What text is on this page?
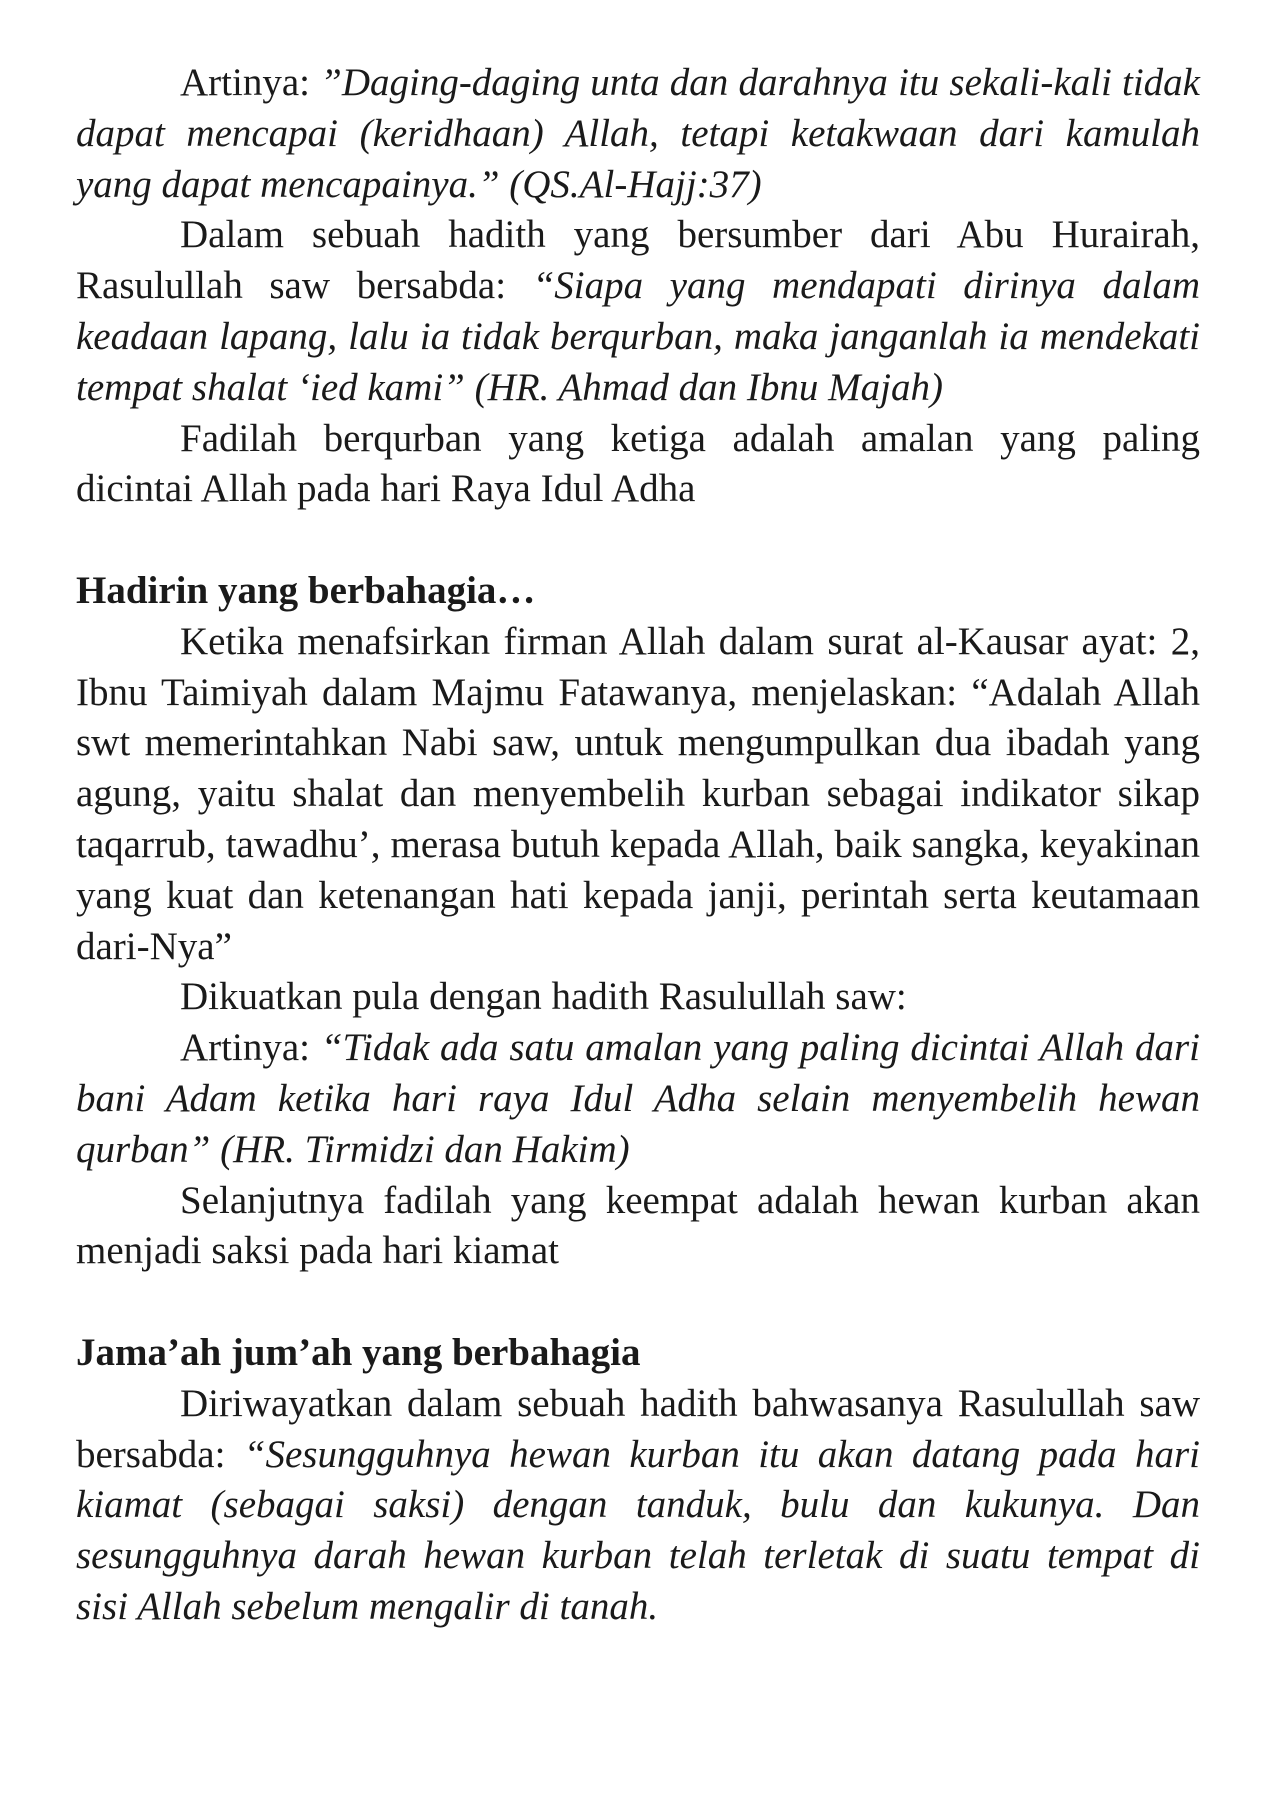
Artinya: ”Daging-daging unta dan darahnya itu sekali-kali tidak dapat mencapai (keridhaan) Allah, tetapi ketakwaan dari kamulah yang dapat mencapainya.” (QS.Al-Hajj:37)

Dalam sebuah hadith yang bersumber dari Abu Hurairah, Rasulullah saw bersabda: “Siapa yang mendapati dirinya dalam keadaan lapang, lalu ia tidak berqurban, maka janganlah ia mendekati tempat shalat ‘ied kami” (HR. Ahmad dan Ibnu Majah)

Fadilah berqurban yang ketiga adalah amalan yang paling dicintai Allah pada hari Raya Idul Adha

Hadirin yang berbahagia…

Ketika menafsirkan firman Allah dalam surat al-Kausar ayat: 2, Ibnu Taimiyah dalam Majmu Fatawanya, menjelaskan: “Adalah Allah swt memerintahkan Nabi saw, untuk mengumpulkan dua ibadah yang agung, yaitu shalat dan menyembelih kurban sebagai indikator sikap taqarrub, tawadhu’, merasa butuh kepada Allah, baik sangka, keyakinan yang kuat dan ketenangan hati kepada janji, perintah serta keutamaan dari-Nya”

Dikuatkan pula dengan hadith Rasulullah saw:

Artinya: “Tidak ada satu amalan yang paling dicintai Allah dari bani Adam ketika hari raya Idul Adha selain menyembelih hewan qurban” (HR. Tirmidzi dan Hakim)

Selanjutnya fadilah yang keempat adalah hewan kurban akan menjadi saksi pada hari kiamat

Jama’ah jum’ah yang berbahagia

Diriwayatkan dalam sebuah hadith bahwasanya Rasulullah saw bersabda: “Sesungguhnya hewan kurban itu akan datang pada hari kiamat (sebagai saksi) dengan tanduk, bulu dan kukunya. Dan sesungguhnya darah hewan kurban telah terletak di suatu tempat di sisi Allah sebelum mengalir di tanah.
